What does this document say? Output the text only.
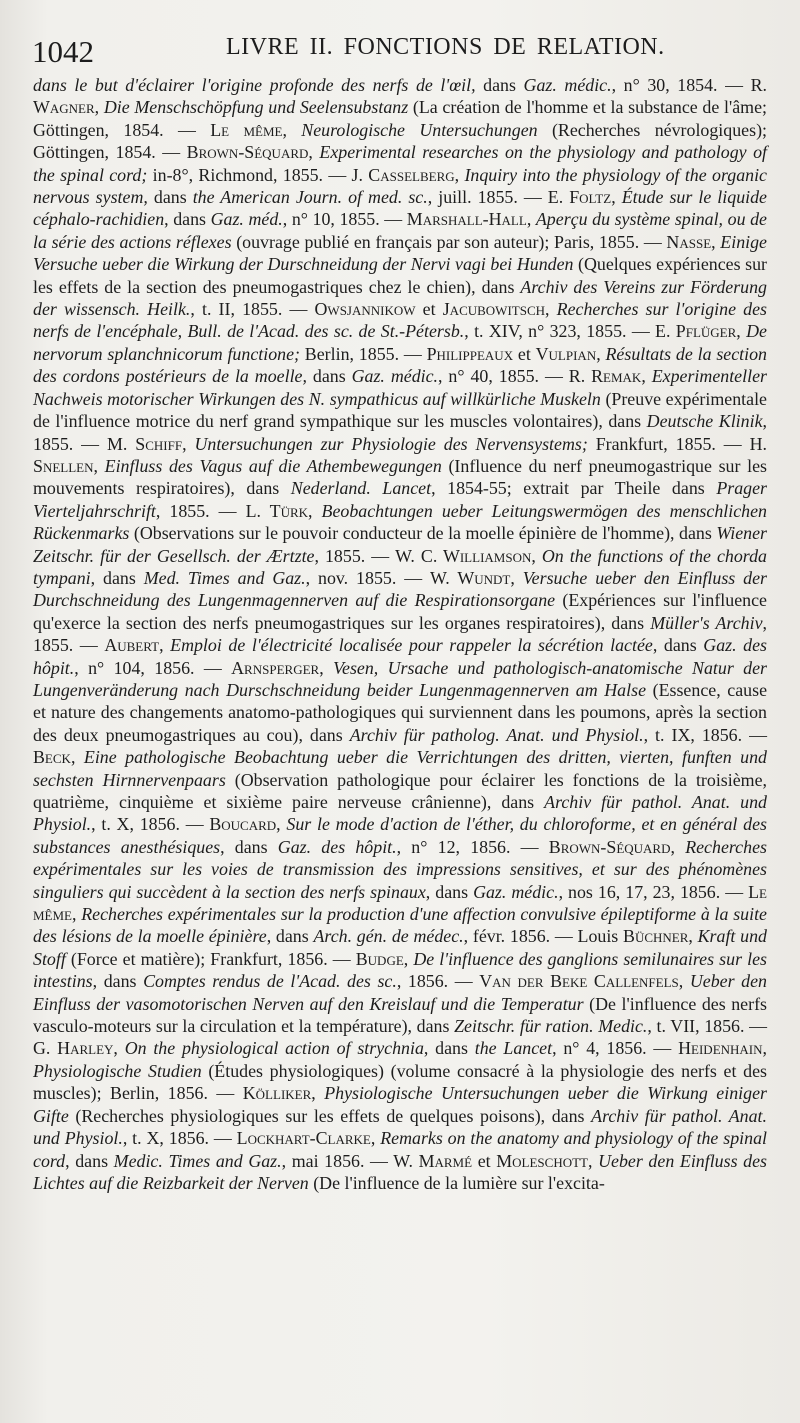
1042	LIVRE II. FONCTIONS DE RELATION.
dans le but d'éclairer l'origine profonde des nerfs de l'œil, dans Gaz. médic., n° 30, 1854. — R. Wagner, Die Menschschöpfung und Seelensubstanz (La création de l'homme et la substance de l'âme; Göttingen, 1854. — Le même, Neurologische Untersuchungen (Recherches névrologiques); Göttingen, 1854. — Brown-Séquard, Experimental researches on the physiology and pathology of the spinal cord; in-8°, Richmond, 1855. — J. Casselberg, Inquiry into the physiology of the organic nervous system, dans the American Journ. of med. sc., juill. 1855. — E. Foltz, Étude sur le liquide céphalo-rachidien, dans Gaz. méd., n° 10, 1855. — Marshall-Hall, Aperçu du système spinal, ou de la série des actions réflexes (ouvrage publié en français par son auteur); Paris, 1855. — Nasse, Einige Versuche ueber die Wirkung der Durschneidung der Nervi vagi bei Hunden (Quelques expériences sur les effets de la section des pneumogastriques chez le chien), dans Archiv des Vereins zur Förderung der wissensch. Heilk., t. II, 1855. — Owsjannikow et Jacubowitsch, Recherches sur l'origine des nerfs de l'encéphale, Bull. de l'Acad. des sc. de St.-Pétersb., t. XIV, n° 323, 1855. — E. Pflüger, De nervorum splanchnicorum functione; Berlin, 1855. — Philippeaux et Vulpian, Résultats de la section des cordons postérieurs de la moelle, dans Gaz. médic., n° 40, 1855. — R. Remak, Experimenteller Nachweis motorischer Wirkungen des N. sympathicus auf willkürliche Muskeln (Preuve expérimentale de l'influence motrice du nerf grand sympathique sur les muscles volontaires), dans Deutsche Klinik, 1855. — M. Schiff, Untersuchungen zur Physiologie des Nervensystems; Frankfurt, 1855. — H. Snellen, Einfluss des Vagus auf die Athembewegungen (Influence du nerf pneumogastrique sur les mouvements respiratoires), dans Nederland. Lancet, 1854-55; extrait par Theile dans Prager Vierteljahrschrift, 1855. — L. Türk, Beobachtungen ueber Leitungswermögen des menschlichen Rückenmarks (Observations sur le pouvoir conducteur de la moelle épinière de l'homme), dans Wiener Zeitschr. für der Gesellsch. der Ærtzte, 1855. — W. C. Williamson, On the functions of the chorda tympani, dans Med. Times and Gaz., nov. 1855. — W. Wundt, Versuche ueber den Einfluss der Durchschneidung des Lungenmagennerven auf die Respirationsorgane (Expériences sur l'influence qu'exerce la section des nerfs pneumogastriques sur les organes respiratoires), dans Müller's Archiv, 1855. — Aubert, Emploi de l'électricité localisée pour rappeler la sécrétion lactée, dans Gaz. des hôpit., n° 104, 1856. — Arnsperger, Vesen, Ursache und pathologisch-anatomische Natur der Lungenveränderung nach Durschschneidung beider Lungenmagennerven am Halse (Essence, cause et nature des changements anatomo-pathologiques qui surviennent dans les poumons, après la section des deux pneumogastriques au cou), dans Archiv für patholog. Anat. und Physiol., t. IX, 1856. — Beck, Eine pathologische Beobachtung ueber die Verrichtungen des dritten, vierten, funften und sechsten Hirnnervenpaars (Observation pathologique pour éclairer les fonctions de la troisième, quatrième, cinquième et sixième paire nerveuse crânienne), dans Archiv für pathol. Anat. und Physiol., t. X, 1856. — Boucard, Sur le mode d'action de l'éther, du chloroforme, et en général des substances anesthésiques, dans Gaz. des hôpit., n° 12, 1856. — Brown-Séquard, Recherches expérimentales sur les voies de transmission des impressions sensitives, et sur des phénomènes singuliers qui succèdent à la section des nerfs spinaux, dans Gaz. médic., nos 16, 17, 23, 1856. — Le même, Recherches expérimentales sur la production d'une affection convulsive épileptiforme à la suite des lésions de la moelle épinière, dans Arch. gén. de médec., févr. 1856. — Louis Büchner, Kraft und Stoff (Force et matière); Frankfurt, 1856. — Budge, De l'influence des ganglions semilunaires sur les intestins, dans Comptes rendus de l'Acad. des sc., 1856. — Van der Beke Callenfels, Ueber den Einfluss der vasomotorischen Nerven auf den Kreislauf und die Temperatur (De l'influence des nerfs vasculo-moteurs sur la circulation et la température), dans Zeitschr. für ration. Medic., t. VII, 1856. — G. Harley, On the physiological action of strychnia, dans the Lancet, n° 4, 1856. — Heidenhain, Physiologische Studien (Études physiologiques) (volume consacré à la physiologie des nerfs et des muscles); Berlin, 1856. — Kölliker, Physiologische Untersuchungen ueber die Wirkung einiger Gifte (Recherches physiologiques sur les effets de quelques poisons), dans Archiv für pathol. Anat. und Physiol., t. X, 1856. — Lockhart-Clarke, Remarks on the anatomy and physiology of the spinal cord, dans Medic. Times and Gaz., mai 1856. — W. Marmé et Moleschott, Ueber den Einfluss des Lichtes auf die Reizbarkeit der Nerven (De l'influence de la lumière sur l'excita-
